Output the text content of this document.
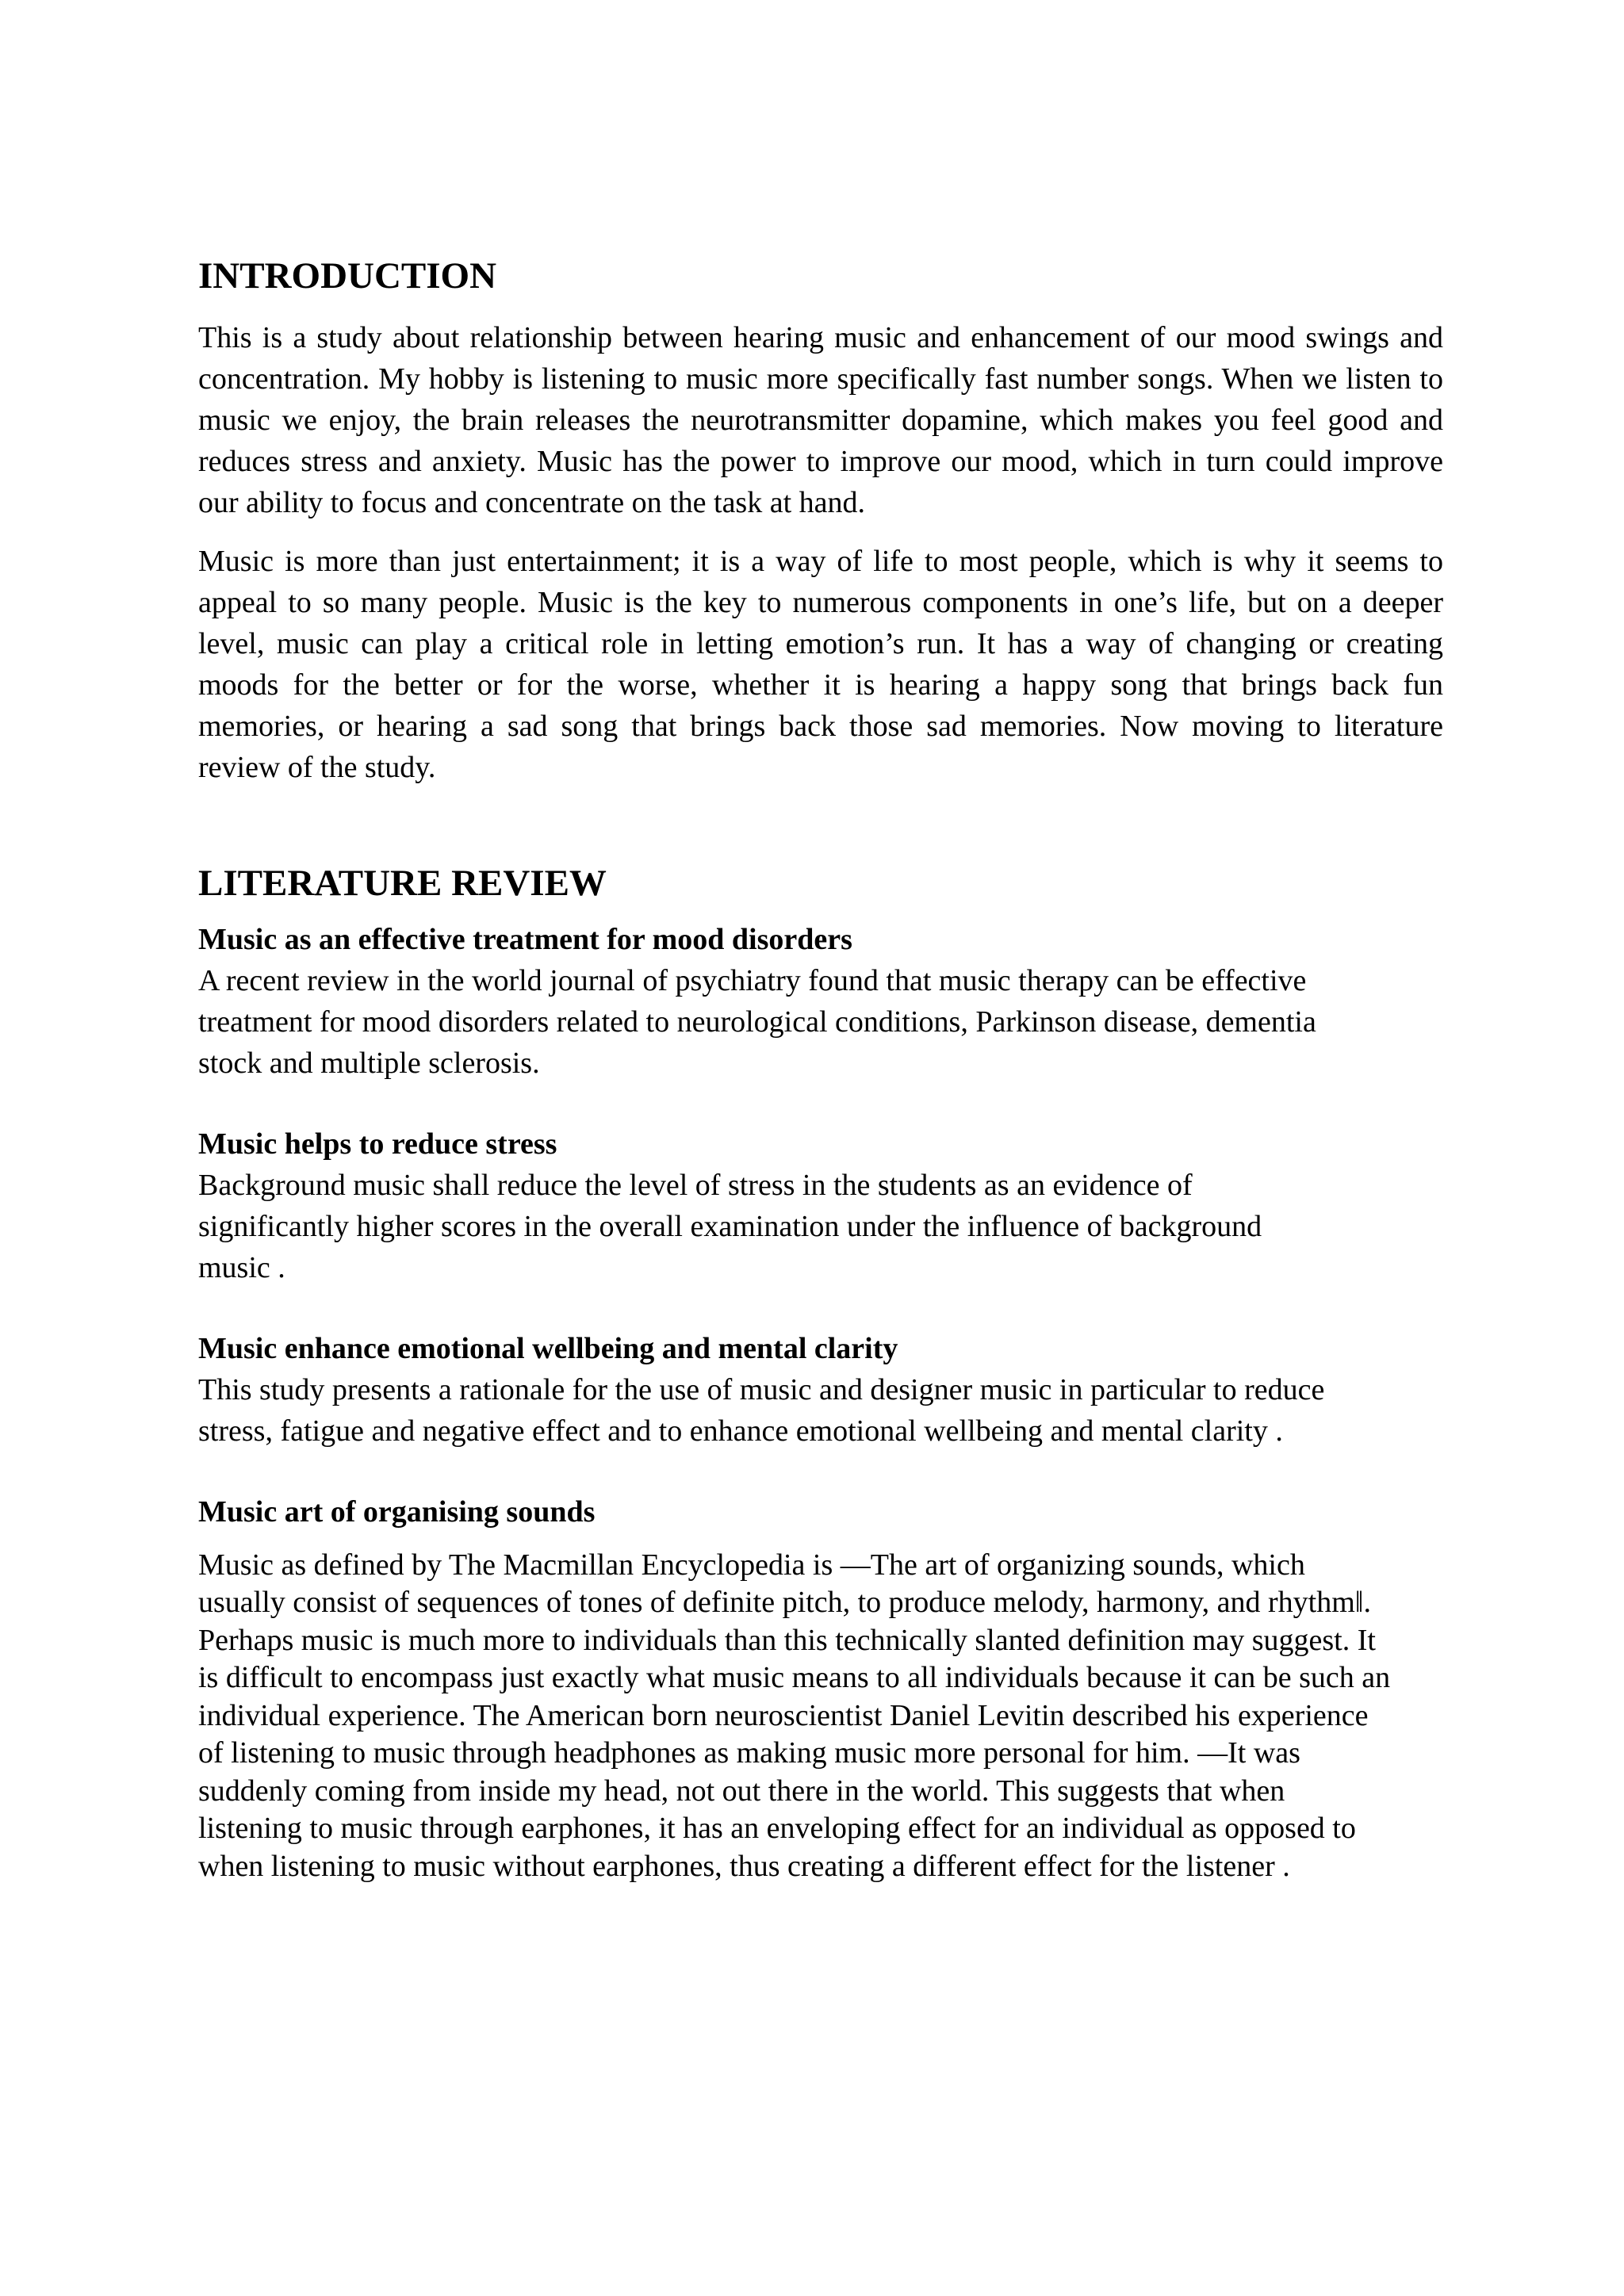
INTRODUCTION

This is a study about relationship between hearing music and enhancement of our mood swings and concentration. My hobby is listening to music more specifically fast number songs. When we listen to music we enjoy, the brain releases the neurotransmitter dopamine, which makes you feel good and reduces stress and anxiety. Music has the power to improve our mood, which in turn could improve our ability to focus and concentrate on the task at hand.

Music is more than just entertainment; it is a way of life to most people, which is why it seems to appeal to so many people. Music is the key to numerous components in one’s life, but on a deeper level, music can play a critical role in letting emotion’s run. It has a way of changing or creating moods for the better or for the worse, whether it is hearing a happy song that brings back fun memories, or hearing a sad song that brings back those sad memories. Now moving to literature review of the study.

LITERATURE REVIEW
Music as an effective treatment for mood disorders

A recent review in the world journal of psychiatry found that music therapy can be effective treatment for mood disorders related to neurological conditions, Parkinson disease, dementia stock and multiple sclerosis.

Music helps to reduce stress

Background music shall reduce the level of stress in the students as an evidence of significantly higher scores in the overall examination under the influence of background music .

Music enhance emotional wellbeing and mental clarity

This study presents a rationale for the use of music and designer music in particular to reduce stress, fatigue and negative effect and to enhance emotional wellbeing and mental clarity .

Music art of organising sounds

Music as defined by The Macmillan Encyclopedia is ―The art of organizing sounds, which usually consist of sequences of tones of definite pitch, to produce melody, harmony, and rhythm‖. Perhaps music is much more to individuals than this technically slanted definition may suggest. It is difficult to encompass just exactly what music means to all individuals because it can be such an individual experience. The American born neuroscientist Daniel Levitin described his experience of listening to music through headphones as making music more personal for him. ―It was suddenly coming from inside my head, not out there in the world. This suggests that when listening to music through earphones, it has an enveloping effect for an individual as opposed to when listening to music without earphones, thus creating a different effect for the listener .
